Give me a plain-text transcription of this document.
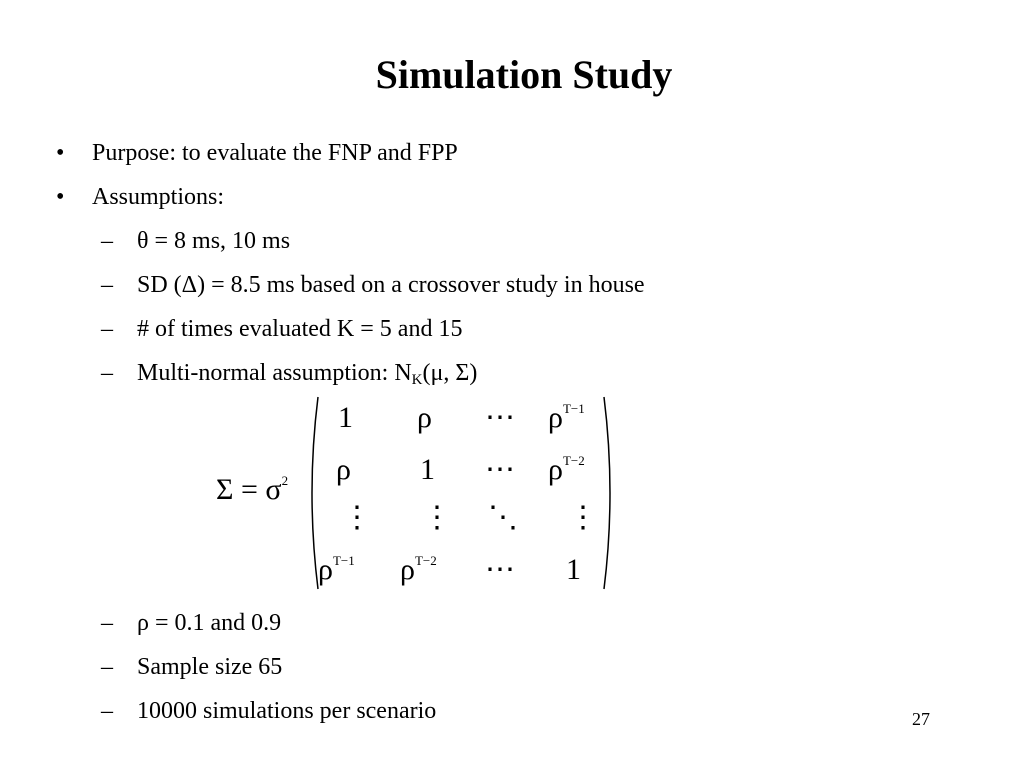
Simulation Study
• Purpose: to evaluate the FNP and FPP
• Assumptions:
– θ = 8 ms, 10 ms
– SD (Δ) = 8.5 ms based on a crossover study in house
– # of times evaluated K = 5 and 15
– Multi-normal assumption: $N_K(\mu$, Σ)
– ρ = 0.1 and 0.9
– Sample size 65
– 10000 simulations per scenario
$\Sigma = \sigma^2$
1 ρ ⋯ $\rho^{T-1}$
ρ 1 ⋯ $\rho^{T-2}$
⋮ ⋮ ⋱ ⋮
$\rho^{T-1}$ $\rho^{T-2}$ ⋯ 1
27
